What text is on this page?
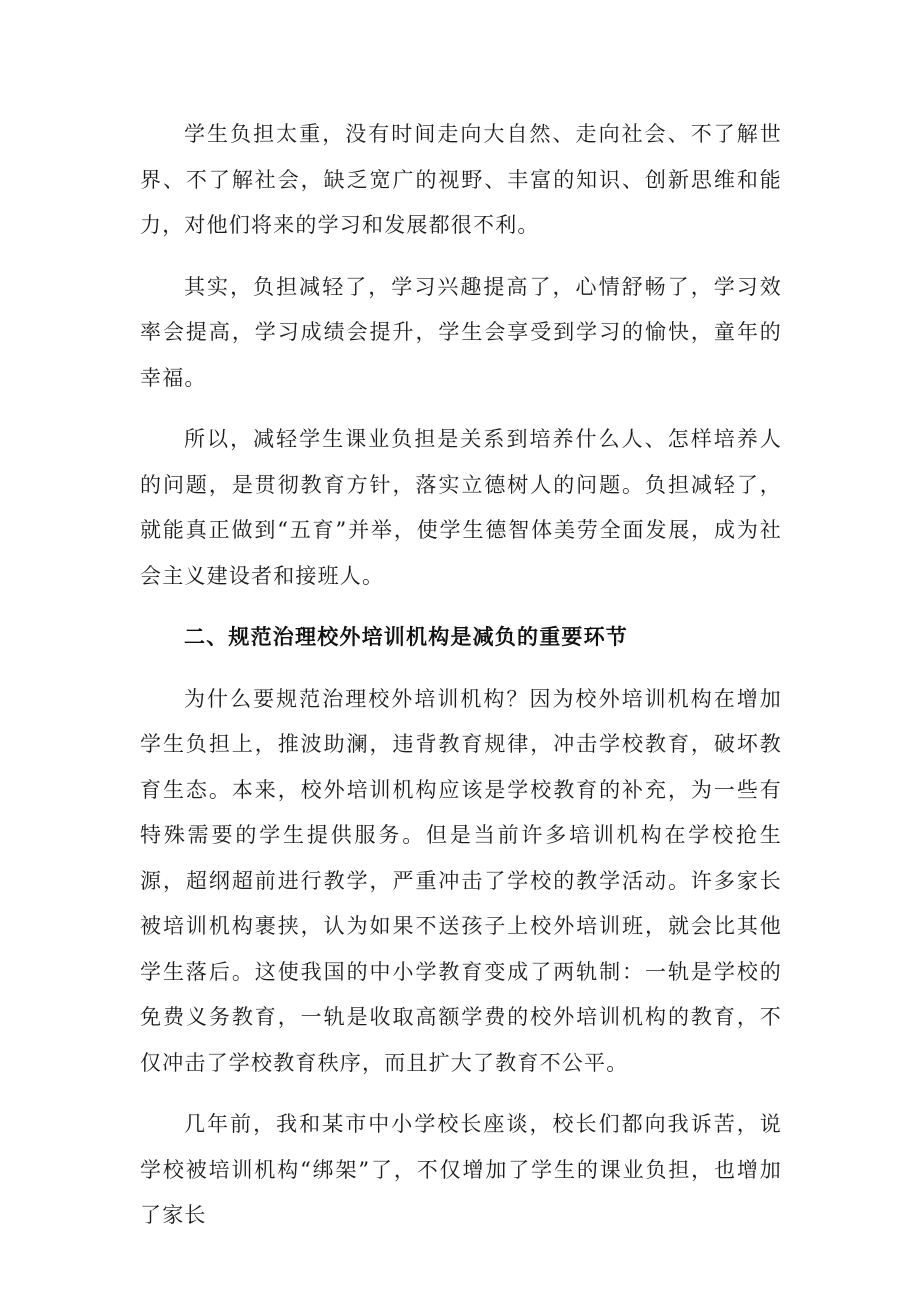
学生负担太重，没有时间走向大自然、走向社会、不了解世界、不了解社会，缺乏宽广的视野、丰富的知识、创新思维和能力，对他们将来的学习和发展都很不利。

其实，负担减轻了，学习兴趣提高了，心情舒畅了，学习效率会提高，学习成绩会提升，学生会享受到学习的愉快，童年的幸福。

所以，减轻学生课业负担是关系到培养什么人、怎样培养人的问题，是贯彻教育方针，落实立德树人的问题。负担减轻了，就能真正做到“五育”并举，使学生德智体美劳全面发展，成为社会主义建设者和接班人。

二、规范治理校外培训机构是减负的重要环节

为什么要规范治理校外培训机构？因为校外培训机构在增加学生负担上，推波助澜，违背教育规律，冲击学校教育，破坏教育生态。本来，校外培训机构应该是学校教育的补充，为一些有特殊需要的学生提供服务。但是当前许多培训机构在学校抢生源，超纲超前进行教学，严重冲击了学校的教学活动。许多家长被培训机构裹挟，认为如果不送孩子上校外培训班，就会比其他学生落后。这使我国的中小学教育变成了两轨制：一轨是学校的免费义务教育，一轨是收取高额学费的校外培训机构的教育，不仅冲击了学校教育秩序，而且扩大了教育不公平。

几年前，我和某市中小学校长座谈，校长们都向我诉苦，说学校被培训机构“绑架”了，不仅增加了学生的课业负担，也增加了家长
